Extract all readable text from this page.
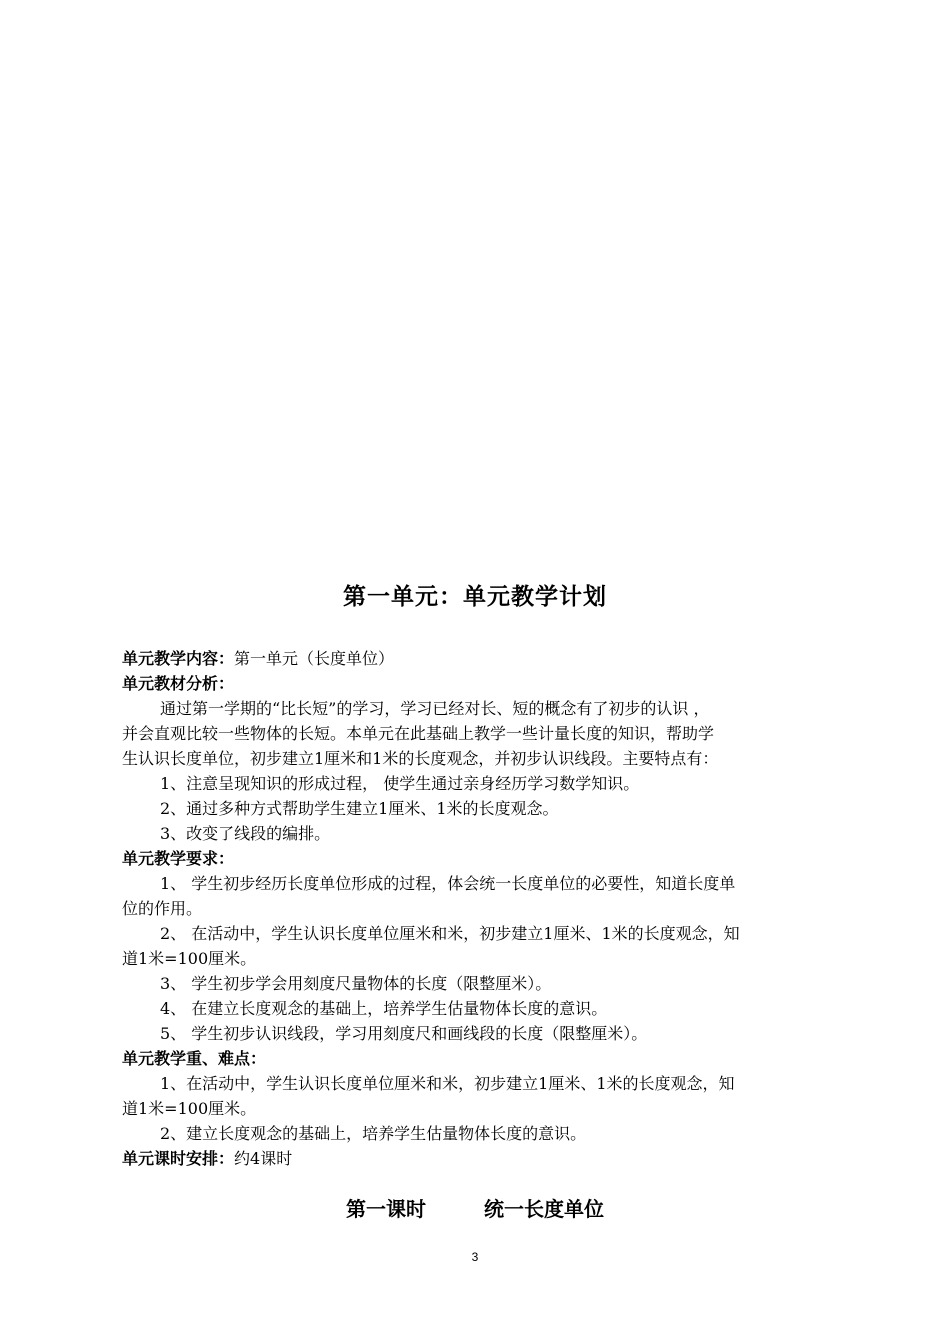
第一单元：单元教学计划
单元教学内容：第一单元（长度单位）
单元教材分析：
通过第一学期的“比长短”的学习，学习已经对长、短的概念有了初步的认识 ，
并会直观比较一些物体的长短。本单元在此基础上教学一些计量长度的知识，帮助学
生认识长度单位，初步建立1厘米和1米的长度观念，并初步认识线段。主要特点有：
1、注意呈现知识的形成过程， 使学生通过亲身经历学习数学知识。
2、通过多种方式帮助学生建立1厘米、1米的长度观念。
3、改变了线段的编排。
单元教学要求：
1、 学生初步经历长度单位形成的过程，体会统一长度单位的必要性，知道长度单
位的作用。
2、 在活动中，学生认识长度单位厘米和米，初步建立1厘米、1米的长度观念，知
道1米=100厘米。
3、 学生初步学会用刻度尺量物体的长度（限整厘米）。
4、 在建立长度观念的基础上，培养学生估量物体长度的意识。
5、 学生初步认识线段，学习用刻度尺和画线段的长度（限整厘米）。
单元教学重、难点：
1、在活动中，学生认识长度单位厘米和米，初步建立1厘米、1米的长度观念，知
道1米=100厘米。
2、建立长度观念的基础上，培养学生估量物体长度的意识。
单元课时安排：约4课时
第一课时	统一长度单位
3
